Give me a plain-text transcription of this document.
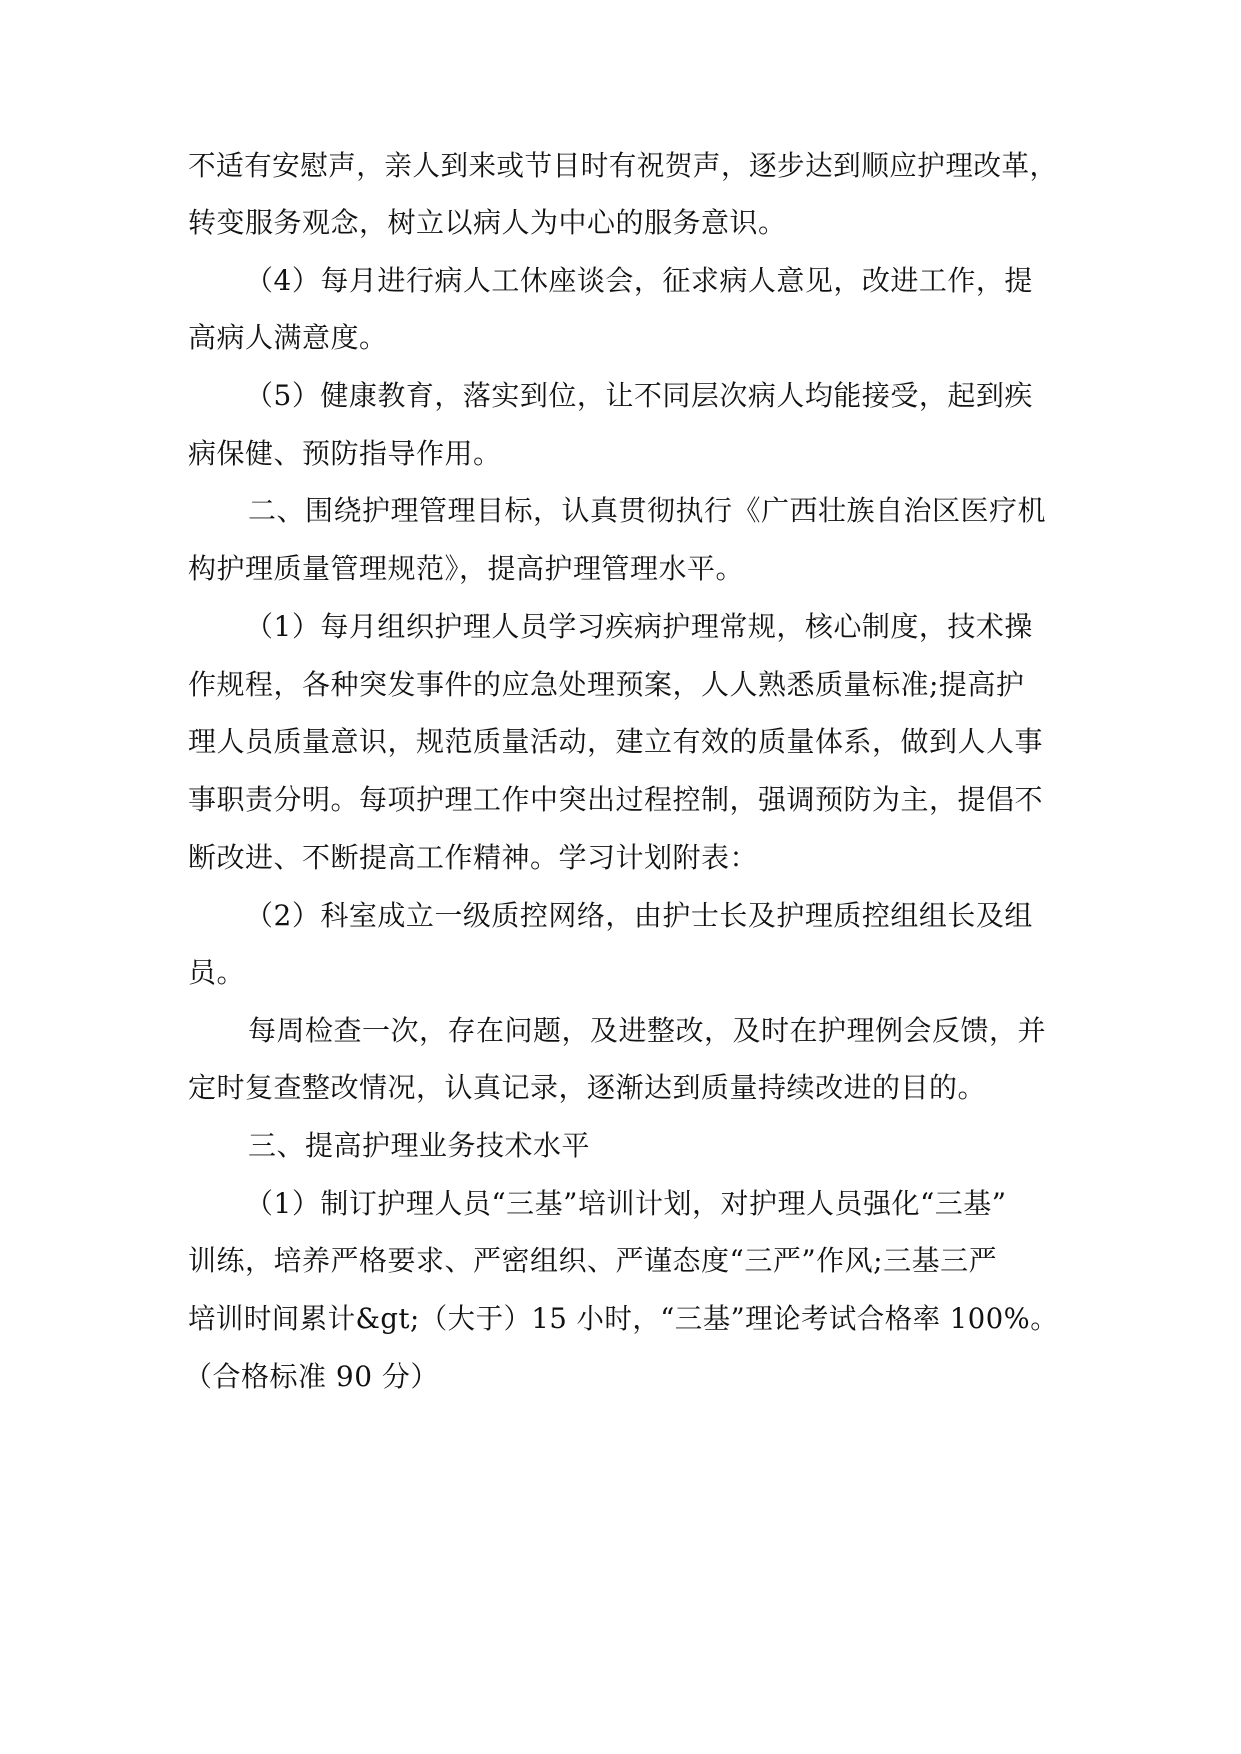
不适有安慰声，亲人到来或节目时有祝贺声，逐步达到顺应护理改革，
转变服务观念，树立以病人为中心的服务意识。
（4）每月进行病人工休座谈会，征求病人意见，改进工作，提
高病人满意度。
（5）健康教育，落实到位，让不同层次病人均能接受，起到疾
病保健、预防指导作用。
二、围绕护理管理目标，认真贯彻执行《广西壮族自治区医疗机
构护理质量管理规范》，提高护理管理水平。
（1）每月组织护理人员学习疾病护理常规，核心制度，技术操
作规程，各种突发事件的应急处理预案，人人熟悉质量标准;提高护
理人员质量意识，规范质量活动，建立有效的质量体系，做到人人事
事职责分明。每项护理工作中突出过程控制，强调预防为主，提倡不
断改进、不断提高工作精神。学习计划附表：
（2）科室成立一级质控网络，由护士长及护理质控组组长及组
员。
每周检查一次，存在问题，及进整改，及时在护理例会反馈，并
定时复查整改情况，认真记录，逐渐达到质量持续改进的目的。
三、提高护理业务技术水平
（1）制订护理人员“三基”培训计划，对护理人员强化“三基”
训练，培养严格要求、严密组织、严谨态度“三严”作风;三基三严
培训时间累计&gt;（大于）15 小时，“三基”理论考试合格率 100%。
（合格标准 90 分）
